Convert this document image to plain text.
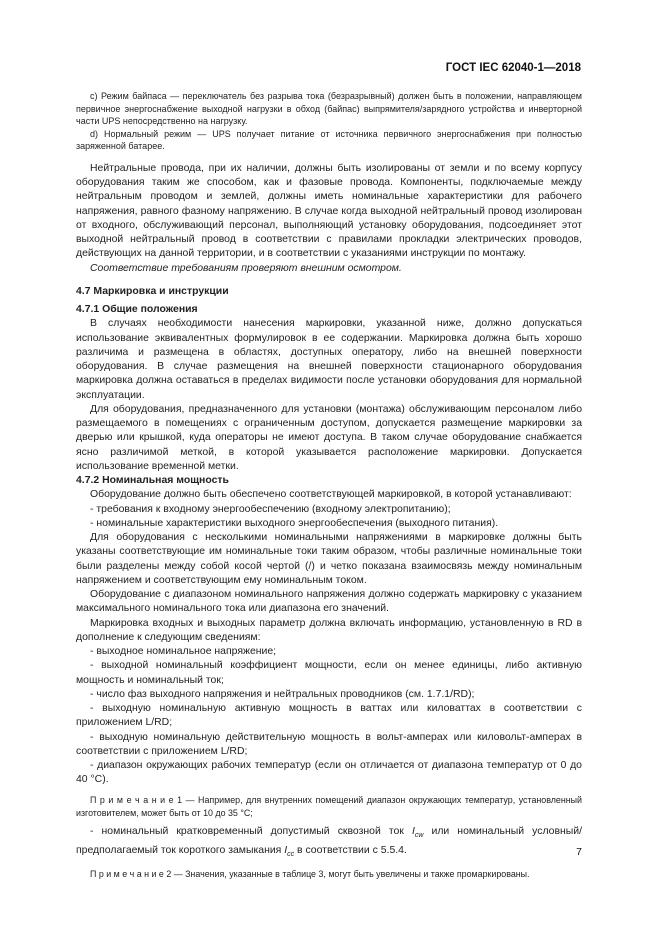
ГОСТ IEC 62040-1—2018

с) Режим байпаса — переключатель без разрыва тока (безразрывный) должен быть в положении, направляющем первичное энергоснабжение выходной нагрузки в обход (байпас) выпрямителя/зарядного устройства и инверторной части UPS непосредственно на нагрузку.

d) Нормальный режим — UPS получает питание от источника первичного энергоснабжения при полностью заряженной батарее.

Нейтральные провода, при их наличии, должны быть изолированы от земли и по всему корпусу оборудования таким же способом, как и фазовые провода. Компоненты, подключаемые между нейтральным проводом и землей, должны иметь номинальные характеристики для рабочего напряжения, равного фазному напряжению. В случае когда выходной нейтральный провод изолирован от входного, обслуживающий персонал, выполняющий установку оборудования, подсоединяет этот выходной нейтральный провод в соответствии с правилами прокладки электрических проводов, действующих на данной территории, и в соответствии с указаниями инструкции по монтажу.

Соответствие требованиям проверяют внешним осмотром.

4.7 Маркировка и инструкции

4.7.1 Общие положения

В случаях необходимости нанесения маркировки, указанной ниже, должно допускаться использование эквивалентных формулировок в ее содержании. Маркировка должна быть хорошо различима и размещена в областях, доступных оператору, либо на внешней поверхности оборудования. В случае размещения на внешней поверхности стационарного оборудования маркировка должна оставаться в пределах видимости после установки оборудования для нормальной эксплуатации.

Для оборудования, предназначенного для установки (монтажа) обслуживающим персоналом либо размещаемого в помещениях с ограниченным доступом, допускается размещение маркировки за дверью или крышкой, куда операторы не имеют доступа. В таком случае оборудование снабжается ясно различимой меткой, в которой указывается расположение маркировки. Допускается использование временной метки.

4.7.2 Номинальная мощность

Оборудование должно быть обеспечено соответствующей маркировкой, в которой устанавливают:

- требования к входному энергообеспечению (входному электропитанию);

- номинальные характеристики выходного энергообеспечения (выходного питания).

Для оборудования с несколькими номинальными напряжениями в маркировке должны быть указаны соответствующие им номинальные токи таким образом, чтобы различные номинальные токи были разделены между собой косой чертой (/) и четко показана взаимосвязь между номинальным напряжением и соответствующим ему номинальным током.

Оборудование с диапазоном номинального напряжения должно содержать маркировку с указанием максимального номинального тока или диапазона его значений.

Маркировка входных и выходных параметр должна включать информацию, установленную в RD в дополнение к следующим сведениям:

- выходное номинальное напряжение;

- выходной номинальный коэффициент мощности, если он менее единицы, либо активную мощность и номинальный ток;

- число фаз выходного напряжения и нейтральных проводников (см. 1.7.1/RD);

- выходную номинальную активную мощность в ваттах или киловаттах в соответствии с приложением L/RD;

- выходную номинальную действительную мощность в вольт-амперах или киловольт-амперах в соответствии с приложением L/RD;

- диапазон окружающих рабочих температур (если он отличается от диапазона температур от 0 до 40 °C).

П р и м е ч а н и е 1 — Например, для внутренних помещений диапазон окружающих температур, установленный изготовителем, может быть от 10 до 35 °C;

- номинальный кратковременный допустимый сквозной ток $I_{cw}$ или номинальный условный/предполагаемый ток короткого замыкания $I_{cc}$ в соответствии с 5.5.4.

П р и м е ч а н и е 2 — Значения, указанные в таблице 3, могут быть увеличены и также промаркированы.

7
